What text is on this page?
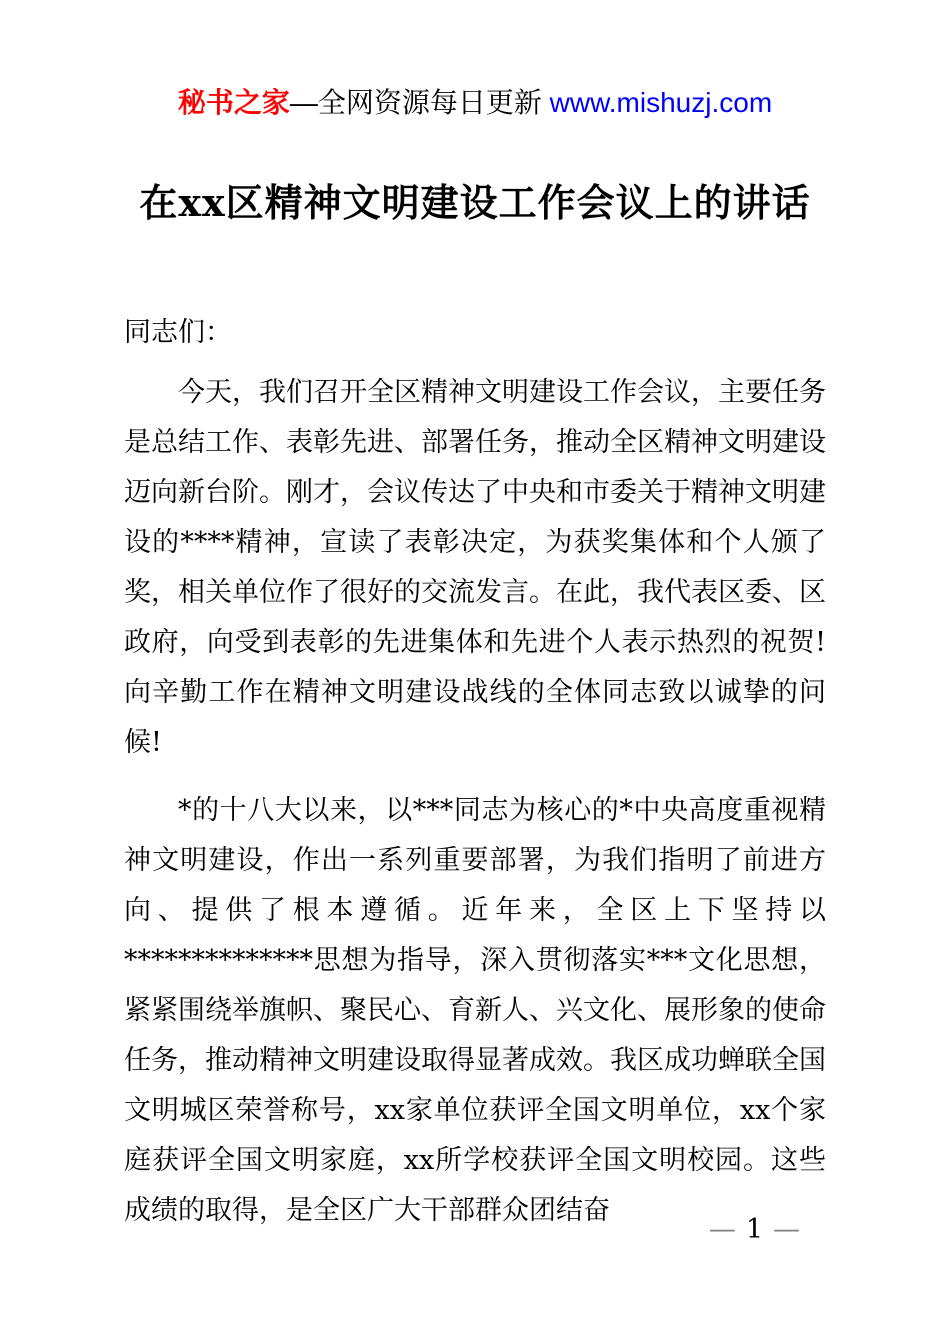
秘书之家—全网资源每日更新 www.mishuzj.com
在xx区精神文明建设工作会议上的讲话

同志们：

今天，我们召开全区精神文明建设工作会议，主要任务是总结工作、表彰先进、部署任务，推动全区精神文明建设迈向新台阶。刚才，会议传达了中央和市委关于精神文明建设的****精神，宣读了表彰决定，为获奖集体和个人颁了奖，相关单位作了很好的交流发言。在此，我代表区委、区政府，向受到表彰的先进集体和先进个人表示热烈的祝贺!向辛勤工作在精神文明建设战线的全体同志致以诚挚的问候!

*的十八大以来，以***同志为核心的*中央高度重视精神文明建设，作出一系列重要部署，为我们指明了前进方向、提供了根本遵循。近年来，全区上下坚持以**************思想为指导，深入贯彻落实***文化思想，紧紧围绕举旗帜、聚民心、育新人、兴文化、展形象的使命任务，推动精神文明建设取得显著成效。我区成功蝉联全国文明城区荣誉称号，xx家单位获评全国文明单位，xx个家庭获评全国文明家庭，xx所学校获评全国文明校园。这些成绩的取得，是全区广大干部群众团结奋

— 1 —
